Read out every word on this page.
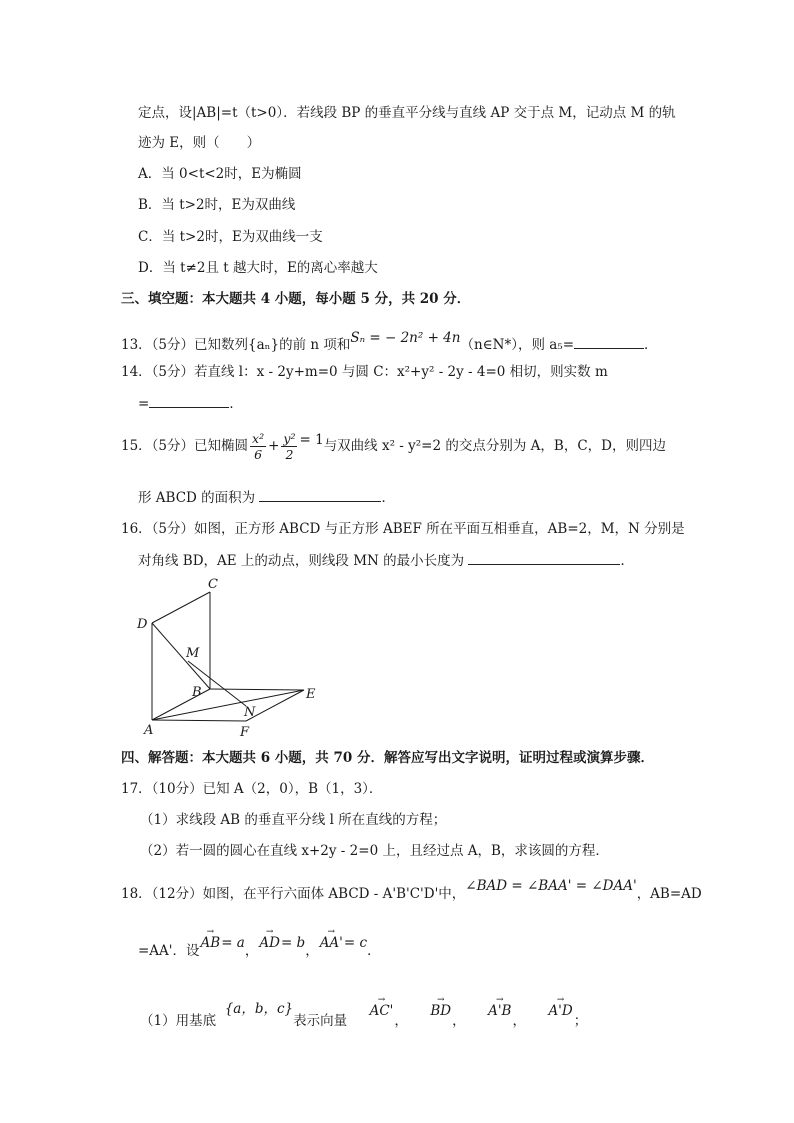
定点，设|AB|=t（t>0）．若线段 BP 的垂直平分线与直线 AP 交于点 M，记动点 M 的轨
迹为 E，则（　　）
A．当 0<t<2时，E为椭圆
B．当 t>2时，E为双曲线
C．当 t>2时，E为双曲线一支
D．当 t≠2且 t 越大时，E的离心率越大
三、填空题：本大题共 4 小题，每小题 5 分，共 20 分．
13．（5分）已知数列{aₙ}的前 n 项和Sₙ = − 2n² + 4n（n∈N*），则 a₅=	．
14．（5分）若直线 l：x - 2y+m=0 与圆 C：x²+y² - 2y - 4=0 相切，则实数 m
=	．
15．（5分）已知椭圆 $\frac{\text{x²}}{6} + \frac{\text{y²}}{2} = 1$与双曲线 x² - y²=2 的交点分别为 A，B，C，D，则四边
形 ABCD 的面积为	．
16．（5分）如图，正方形 ABCD 与正方形 ABEF 所在平面互相垂直，AB=2，M，N 分别是
对角线 BD，AE 上的动点，则线段 MN 的最小长度为	．
C
D
M
B	E
N
A	F
四、解答题：本大题共 6 小题，共 70 分．解答应写出文字说明，证明过程或演算步骤．
17．（10分）已知 A（2，0），B（1，3）．
（1）求线段 AB 的垂直平分线 l 所在直线的方程；
（2）若一圆的圆心在直线 x+2y - 2=0 上，且经过点 A，B，求该圆的方程．
18．（12分）如图，在平行六面体 ABCD - A'B'C'D'中，∠BAD = ∠BAA' = ∠DAA'，AB=AD
=AA'．设→ AB= a，→ AD= b，→ AA'= c．
（1）用基底  {a，b，c}表示向量     → AC'，     → BD，     → A'B，     → A'D；
